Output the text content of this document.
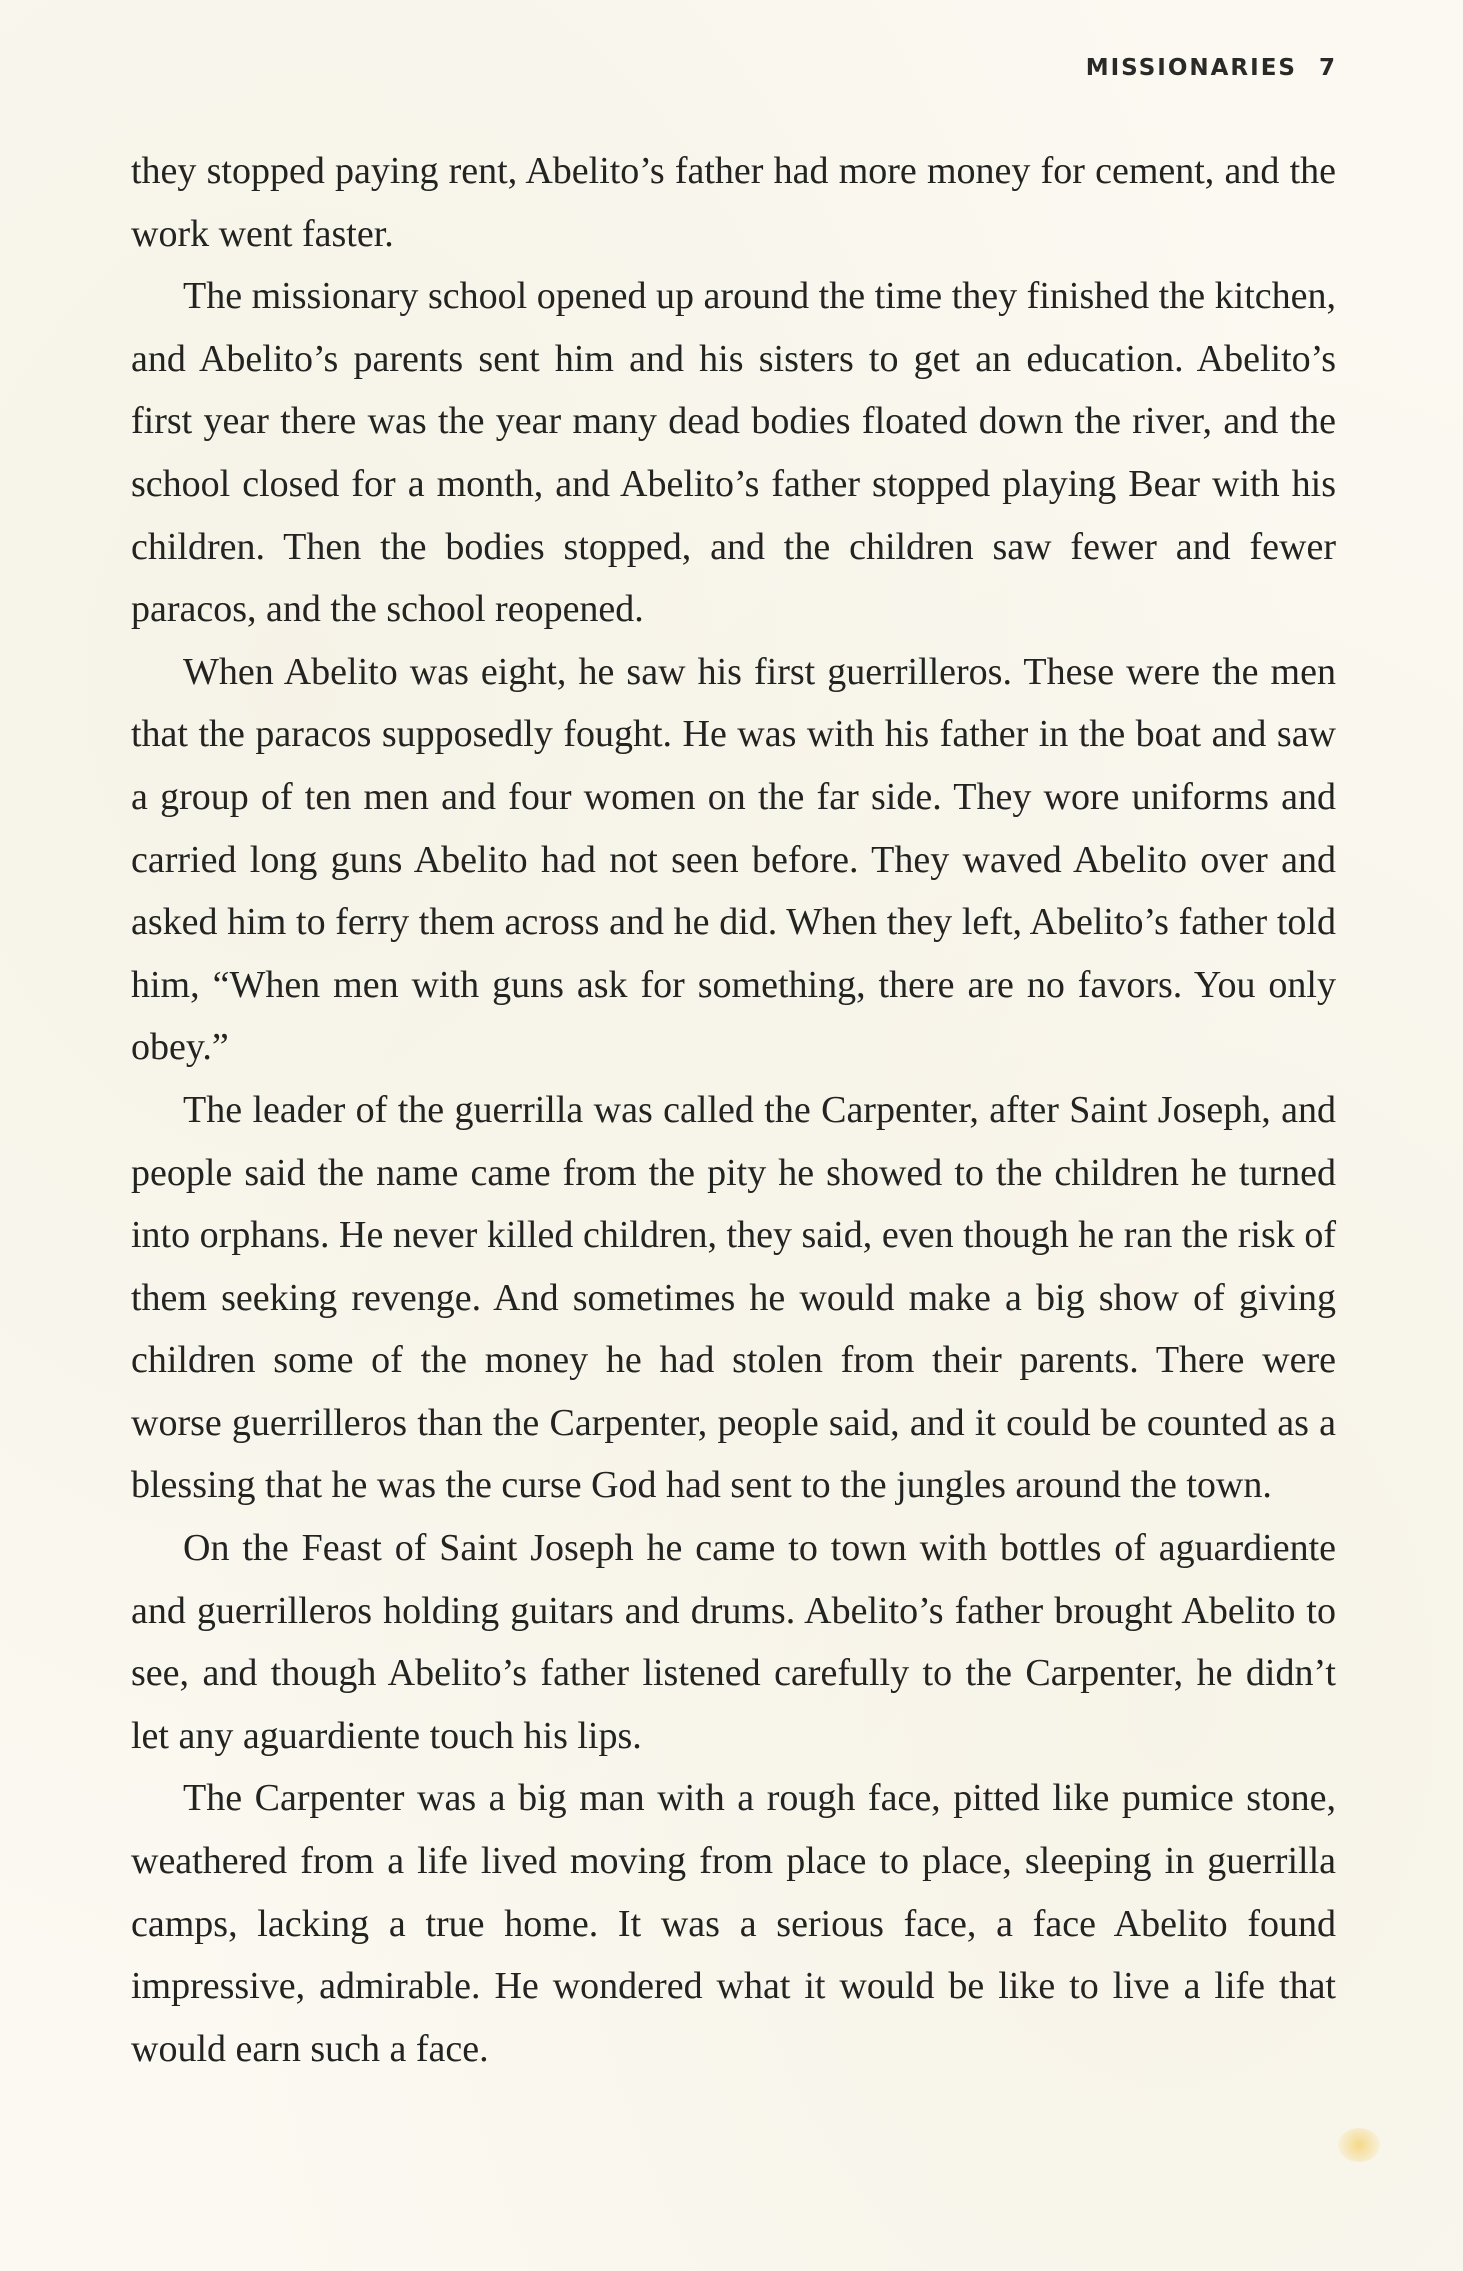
MISSIONARIES 7

they stopped paying rent, Abelito’s father had more money for cement, and the work went faster.

The missionary school opened up around the time they finished the kitchen, and Abelito’s parents sent him and his sisters to get an education. Abelito’s first year there was the year many dead bodies floated down the river, and the school closed for a month, and Abelito’s father stopped playing Bear with his children. Then the bodies stopped, and the children saw fewer and fewer paracos, and the school reopened.

When Abelito was eight, he saw his first guerrilleros. These were the men that the paracos supposedly fought. He was with his father in the boat and saw a group of ten men and four women on the far side. They wore uniforms and carried long guns Abelito had not seen before. They waved Abelito over and asked him to ferry them across and he did. When they left, Abelito’s father told him, “When men with guns ask for something, there are no favors. You only obey.”

The leader of the guerrilla was called the Carpenter, after Saint Joseph, and people said the name came from the pity he showed to the children he turned into orphans. He never killed children, they said, even though he ran the risk of them seeking revenge. And sometimes he would make a big show of giving children some of the money he had stolen from their parents. There were worse guerrilleros than the Carpenter, people said, and it could be counted as a blessing that he was the curse God had sent to the jungles around the town.

On the Feast of Saint Joseph he came to town with bottles of aguardiente and guerrilleros holding guitars and drums. Abelito’s father brought Abelito to see, and though Abelito’s father listened carefully to the Carpenter, he didn’t let any aguardiente touch his lips.

The Carpenter was a big man with a rough face, pitted like pumice stone, weathered from a life lived moving from place to place, sleeping in guerrilla camps, lacking a true home. It was a serious face, a face Abelito found impressive, admirable. He wondered what it would be like to live a life that would earn such a face.
